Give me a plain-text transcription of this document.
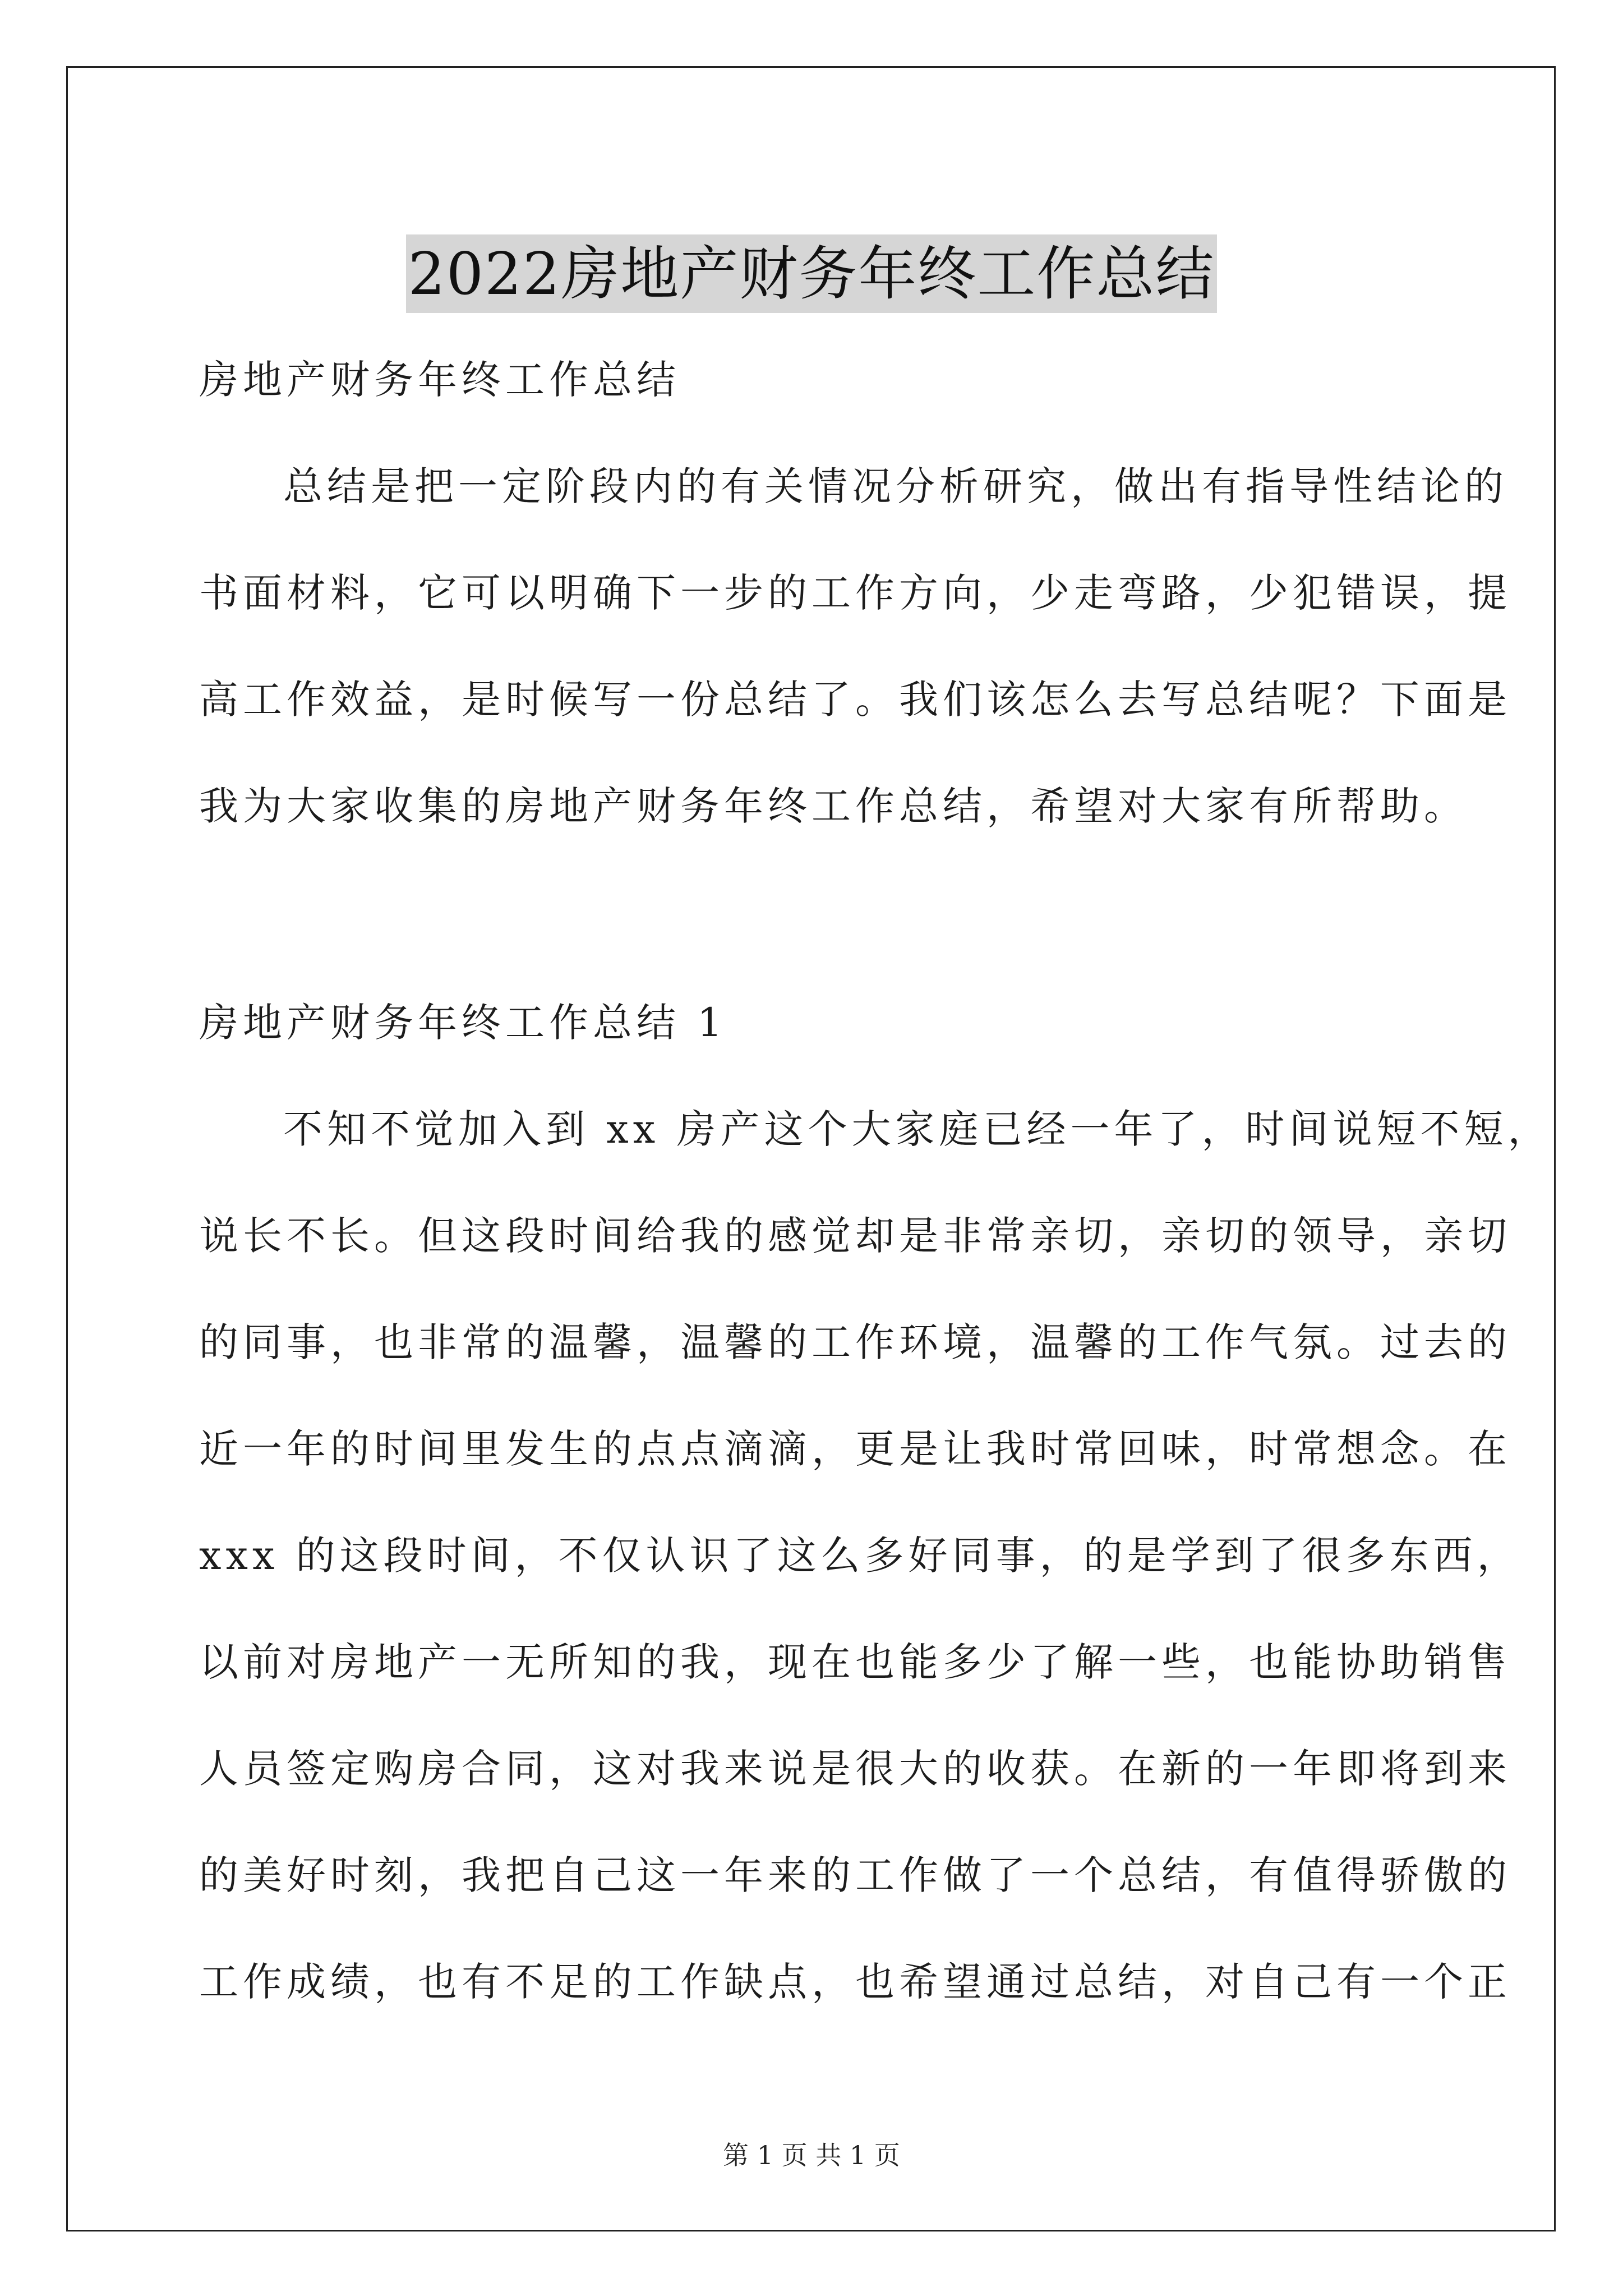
2022房地产财务年终工作总结
房地产财务年终工作总结
总结是把一定阶段内的有关情况分析研究，做出有指导性结论的
书面材料，它可以明确下一步的工作方向，少走弯路，少犯错误，提
高工作效益，是时候写一份总结了。我们该怎么去写总结呢？下面是
我为大家收集的房地产财务年终工作总结，希望对大家有所帮助。
房地产财务年终工作总结 1
不知不觉加入到 xx 房产这个大家庭已经一年了，时间说短不短，
说长不长。但这段时间给我的感觉却是非常亲切，亲切的领导，亲切
的同事，也非常的温馨，温馨的工作环境，温馨的工作气氛。过去的
近一年的时间里发生的点点滴滴，更是让我时常回味，时常想念。在
xxx 的这段时间，不仅认识了这么多好同事，的是学到了很多东西，
以前对房地产一无所知的我，现在也能多少了解一些，也能协助销售
人员签定购房合同，这对我来说是很大的收获。在新的一年即将到来
的美好时刻，我把自己这一年来的工作做了一个总结，有值得骄傲的
工作成绩，也有不足的工作缺点，也希望通过总结，对自己有一个正
第 1 页 共 1 页
